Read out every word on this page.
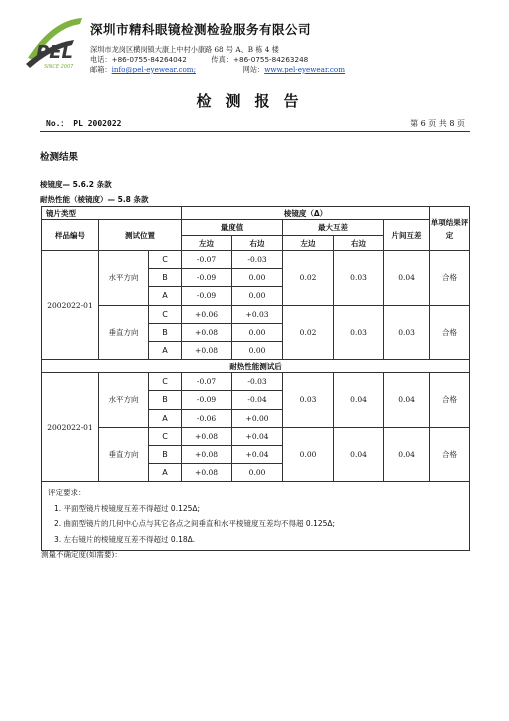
PEL
SINCE 2007
深圳市精科眼镜检测检验服务有限公司
深圳市龙岗区横岗镇大康上中村小康路 68 号 A、B 栋 4 楼
电话：+86-0755-84264042	传真：+86-0755-84263248
邮箱：info@pel-eyewear.com;	网站：www.pel-eyewear.com
检测报告
No.： PL 2002022	第 6 页 共 8 页
检测结果
棱镜度— 5.6.2 条款
耐热性能（棱镜度）— 5.8 条款
镜片类型			棱镜度（Δ）					单项结果评定
样品编号	测试位置		量度值		最大互差		片间互差	
			左边	右边	左边	右边		
2002022-01	水平方向	C	-0.07	-0.03	0.02	0.03	0.04	合格
		B	-0.09	0.00				
		A	-0.09	0.00				
	垂直方向	C	+0.06	+0.03	0.02	0.03	0.03	合格
		B	+0.08	0.00				
		A	+0.08	0.00				
耐热性能测试后								
2002022-01	水平方向	C	-0.07	-0.03	0.03	0.04	0.04	合格
		B	-0.09	-0.04				
		A	-0.06	+0.00				
	垂直方向	C	+0.08	+0.04	0.00	0.04	0.04	合格
		B	+0.08	+0.04				
		A	+0.08	0.00				

评定要求：
1. 平面型镜片棱镜度互差不得超过 0.125Δ;
2. 曲面型镜片的几何中心点与其它各点之间垂直和水平棱镜度互差均不得超 0.125Δ;
3. 左右镜片的棱镜度互差不得超过 0.18Δ.								
测量不确定度(如需要)：
